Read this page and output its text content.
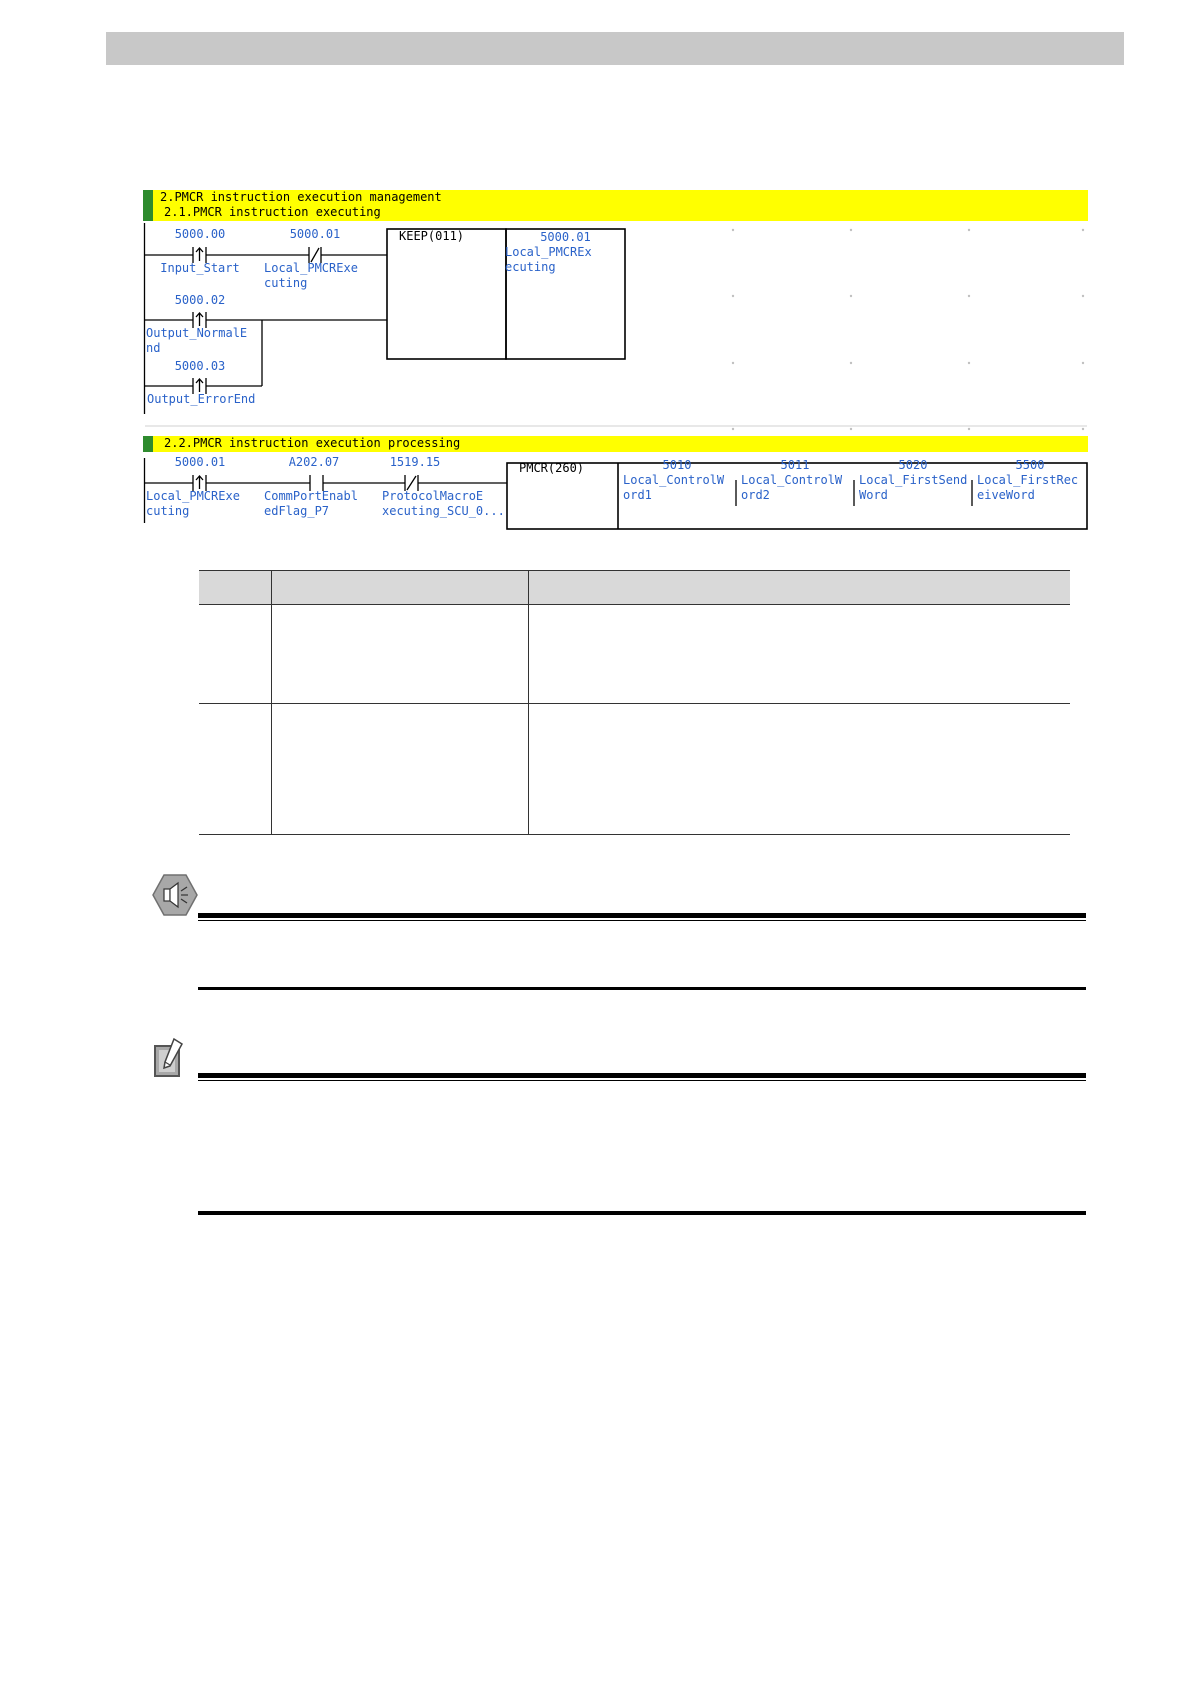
2.PMCR instruction execution management
2.1.PMCR instruction executing
2.2.PMCR instruction execution processing
5000.00
Input_Start
5000.01
Local_PMCRExe
cuting
5000.02
Output_NormalE
nd
5000.03
Output_ErrorEnd
KEEP(011)	5000.01
Local_PMCREx
ecuting
5000.01
Local_PMCRExe
cuting
A202.07
CommPortEnabl
edFlag_P7
1519.15
ProtocolMacroE
xecuting_SCU_0...
PMCR(260)	5010
Local_ControlW
ord1
5011
Local_ControlW
ord2
5020
Local_FirstSend
Word
5500
Local_FirstRec
eiveWord
